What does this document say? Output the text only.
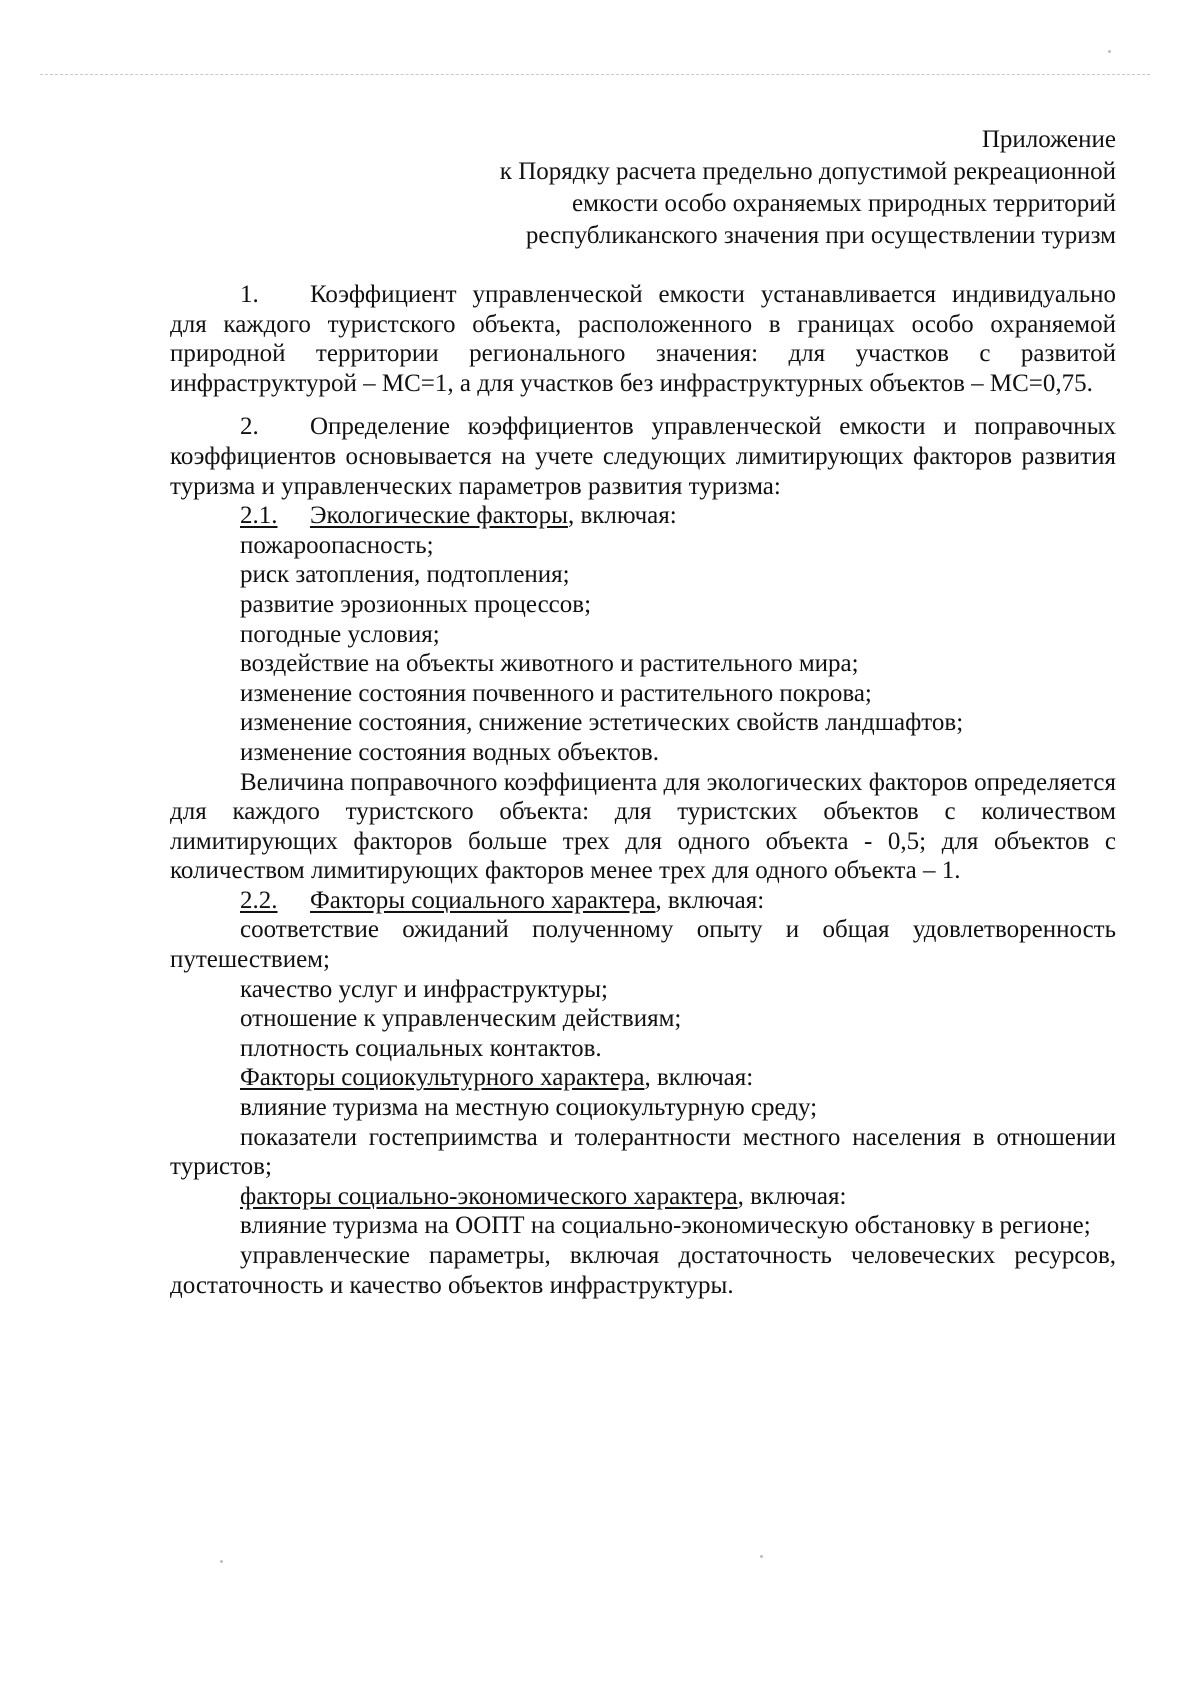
Приложение
к Порядку расчета предельно допустимой рекреационной
емкости особо охраняемых природных территорий
республиканского значения при осуществлении туризм

1. Коэффициент управленческой емкости устанавливается индивидуально для каждого туристского объекта, расположенного в границах особо охраняемой природной территории регионального значения: для участков с развитой инфраструктурой – МС=1, а для участков без инфраструктурных объектов – МС=0,75.

2. Определение коэффициентов управленческой емкости и поправочных коэффициентов основывается на учете следующих лимитирующих факторов развития туризма и управленческих параметров развития туризма:

2.1. Экологические факторы, включая:

пожароопасность;

риск затопления, подтопления;

развитие эрозионных процессов;

погодные условия;

воздействие на объекты животного и растительного мира;

изменение состояния почвенного и растительного покрова;

изменение состояния, снижение эстетических свойств ландшафтов;

изменение состояния водных объектов.

Величина поправочного коэффициента для экологических факторов определяется для каждого туристского объекта: для туристских объектов с количеством лимитирующих факторов больше трех для одного объекта - 0,5; для объектов с количеством лимитирующих факторов менее трех для одного объекта – 1.

2.2. Факторы социального характера, включая:

соответствие ожиданий полученному опыту и общая удовлетворенность путешествием;

качество услуг и инфраструктуры;

отношение к управленческим действиям;

плотность социальных контактов.

Факторы социокультурного характера, включая:

влияние туризма на местную социокультурную среду;

показатели гостеприимства и толерантности местного населения в отношении туристов;

факторы социально-экономического характера, включая:

влияние туризма на ООПТ на социально-экономическую обстановку в регионе;

управленческие параметры, включая достаточность человеческих ресурсов, достаточность и качество объектов инфраструктуры.
